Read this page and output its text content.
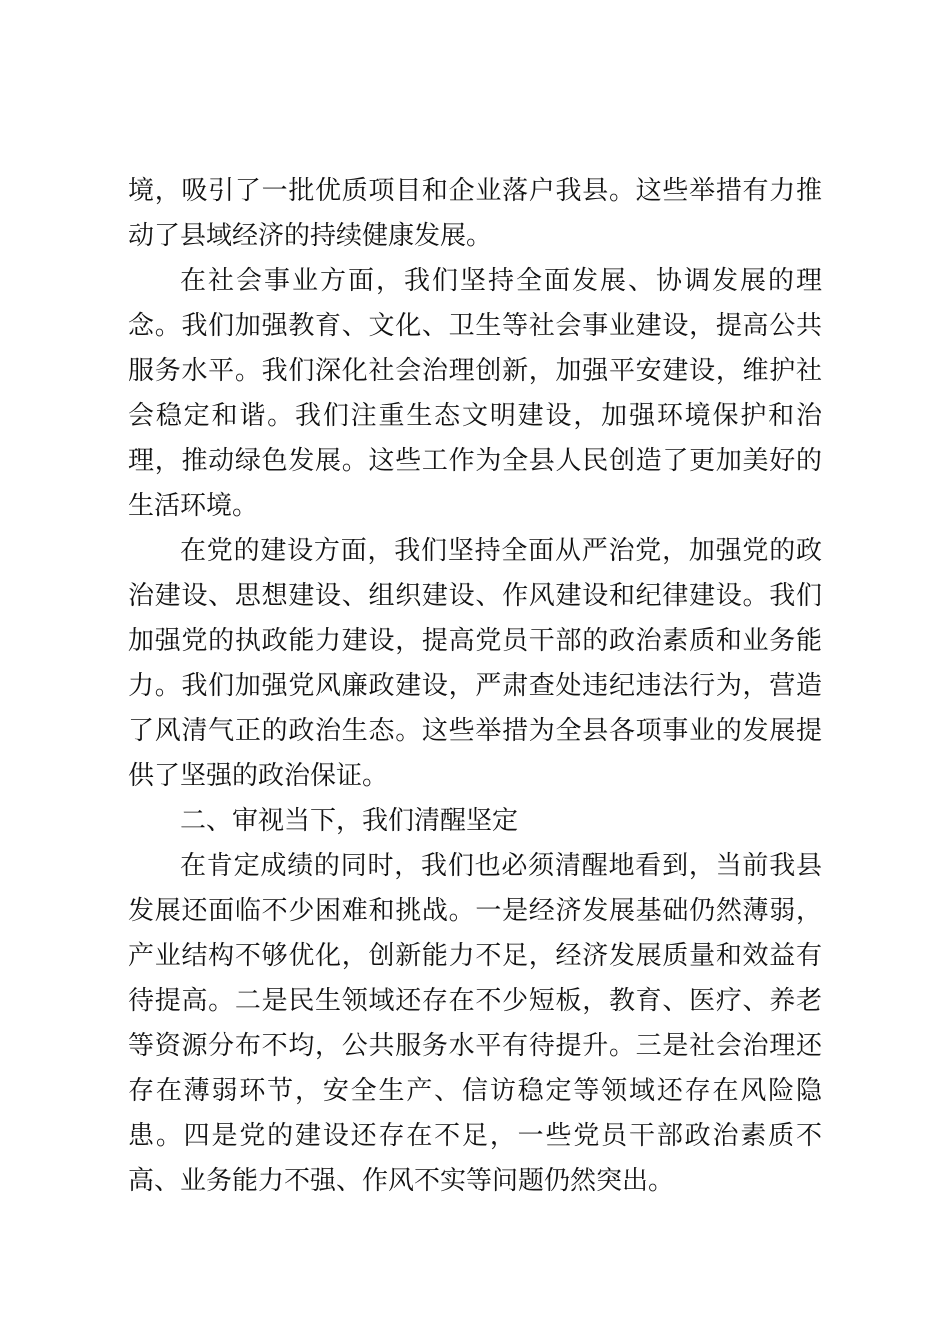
境，吸引了一批优质项目和企业落户我县。这些举措有力推动了县域经济的持续健康发展。

在社会事业方面，我们坚持全面发展、协调发展的理念。我们加强教育、文化、卫生等社会事业建设，提高公共服务水平。我们深化社会治理创新，加强平安建设，维护社会稳定和谐。我们注重生态文明建设，加强环境保护和治理，推动绿色发展。这些工作为全县人民创造了更加美好的生活环境。

在党的建设方面，我们坚持全面从严治党，加强党的政治建设、思想建设、组织建设、作风建设和纪律建设。我们加强党的执政能力建设，提高党员干部的政治素质和业务能力。我们加强党风廉政建设，严肃查处违纪违法行为，营造了风清气正的政治生态。这些举措为全县各项事业的发展提供了坚强的政治保证。

二、审视当下，我们清醒坚定

在肯定成绩的同时，我们也必须清醒地看到，当前我县发展还面临不少困难和挑战。一是经济发展基础仍然薄弱，产业结构不够优化，创新能力不足，经济发展质量和效益有待提高。二是民生领域还存在不少短板，教育、医疗、养老等资源分布不均，公共服务水平有待提升。三是社会治理还存在薄弱环节，安全生产、信访稳定等领域还存在风险隐患。四是党的建设还存在不足，一些党员干部政治素质不高、业务能力不强、作风不实等问题仍然突出。
